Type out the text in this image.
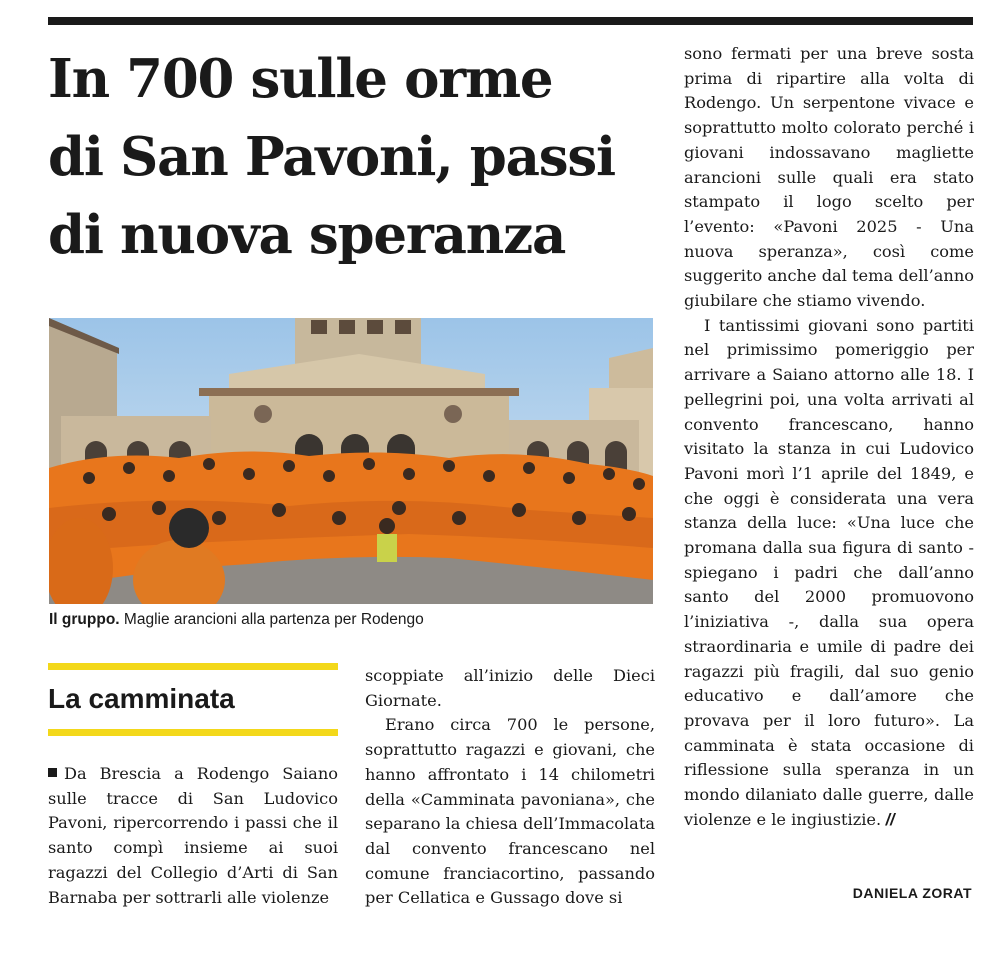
In 700 sulle orme
di San Pavoni, passi
di nuova speranza
Il gruppo. Maglie arancioni alla partenza per Rodengo
La camminata

Da Brescia a Rodengo Saiano sulle tracce di San Ludovico Pavoni, ripercorrendo i passi che il santo compì insieme ai suoi ragazzi del Collegio d’Arti di San Barnaba per sottrarli alle violenze

scoppiate all’inizio delle Dieci Giornate.

Erano circa 700 le persone, soprattutto ragazzi e giovani, che hanno affrontato i 14 chilometri della «Camminata pavoniana», che separano la chiesa dell’Immacolata dal convento francescano nel comune franciacortino, passando per Cellatica e Gussago dove si

sono fermati per una breve sosta prima di ripartire alla volta di Rodengo. Un serpentone vivace e soprattutto molto colorato perché i giovani indossavano magliette arancioni sulle quali era stato stampato il logo scelto per l’evento: «Pavoni 2025 - Una nuova speranza», così come suggerito anche dal tema dell’anno giubilare che stiamo vivendo.

I tantissimi giovani sono partiti nel primissimo pomeriggio per arrivare a Saiano attorno alle 18. I pellegrini poi, una volta arrivati al convento francescano, hanno visitato la stanza in cui Ludovico Pavoni morì l’1 aprile del 1849, e che oggi è considerata una vera stanza della luce: «Una luce che promana dalla sua figura di santo - spiegano i padri che dall’anno santo del 2000 promuovono l’iniziativa -, dalla sua opera straordinaria e umile di padre dei ragazzi più fragili, dal suo genio educativo e dall’amore che provava per il loro futuro». La camminata è stata occasione di riflessione sulla speranza in un mondo dilaniato dalle guerre, dalle violenze e le ingiustizie. //

DANIELA ZORAT
